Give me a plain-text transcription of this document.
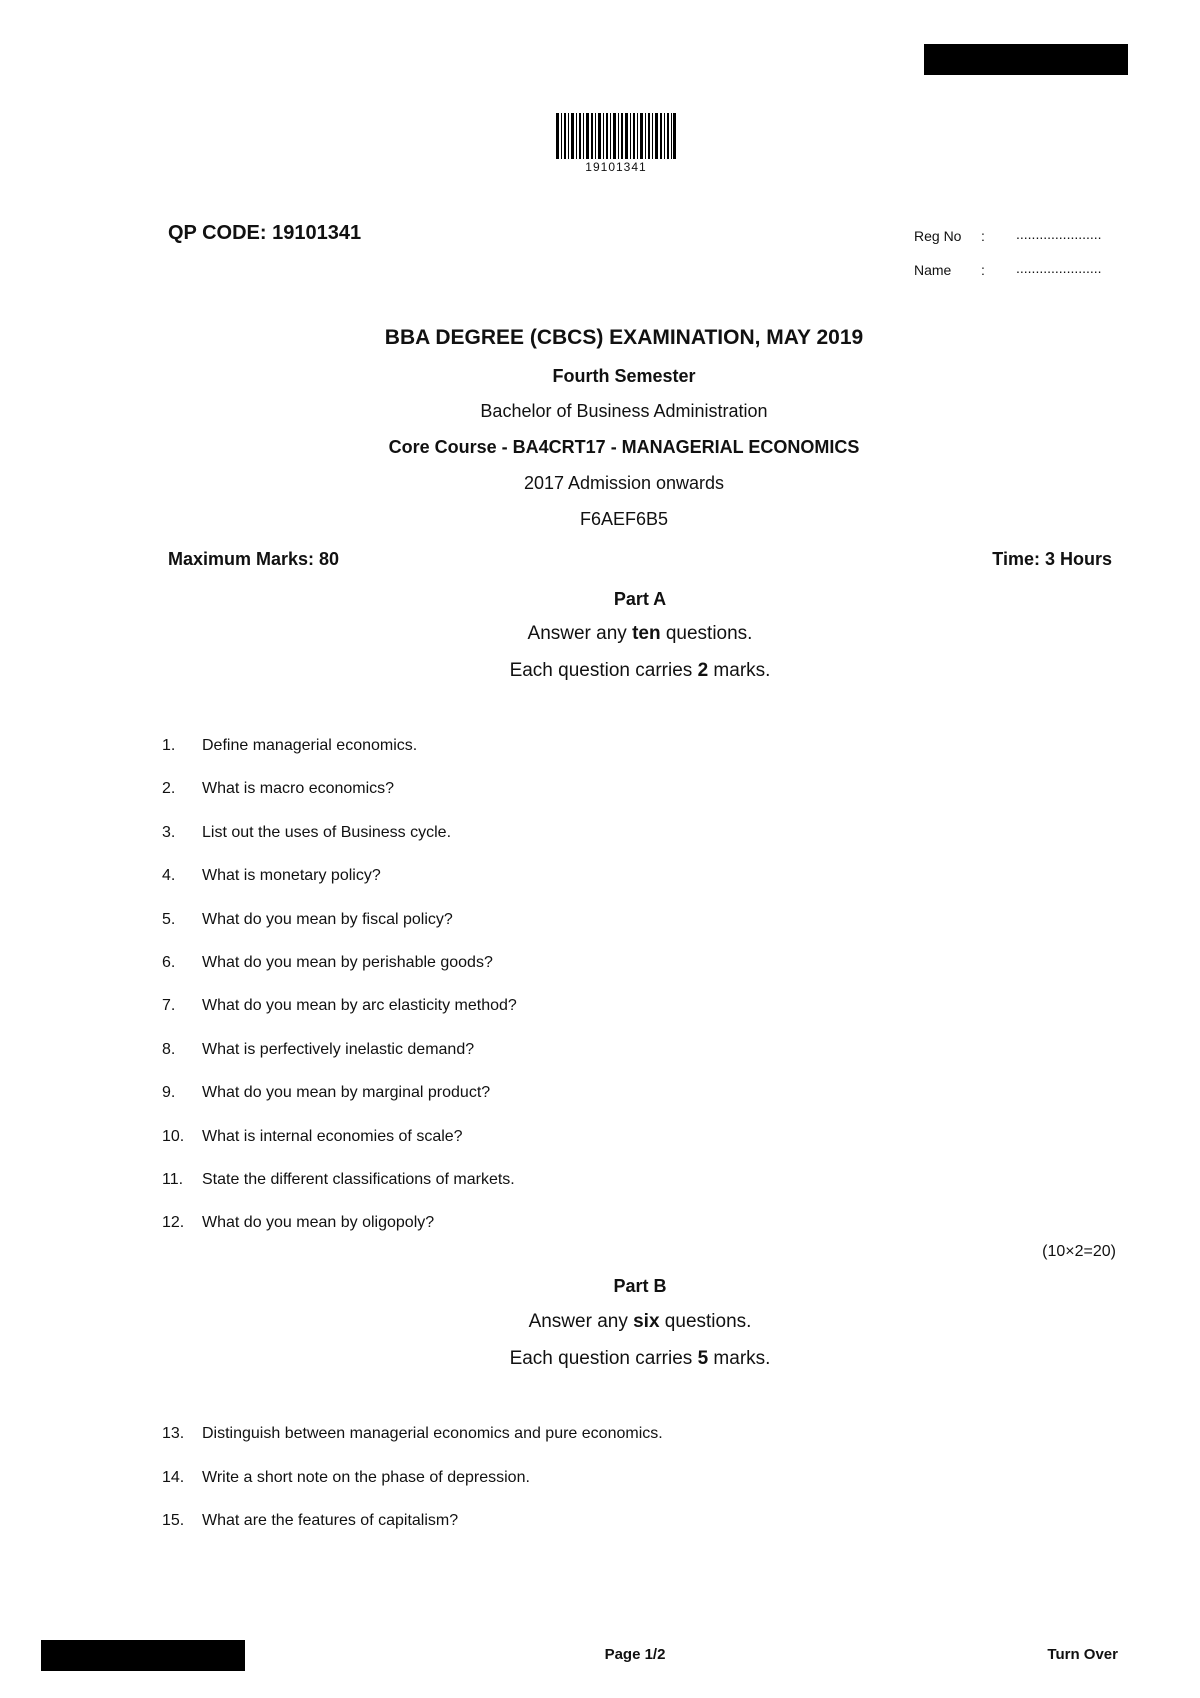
19101341
QP CODE: 19101341	Reg No : ......................
Name : ......................
BBA DEGREE (CBCS) EXAMINATION, MAY 2019
Fourth Semester
Bachelor of Business Administration
Core Course - BA4CRT17 - MANAGERIAL ECONOMICS
2017 Admission onwards
F6AEF6B5
Maximum Marks: 80	Time: 3 Hours
Part A
Answer any ten questions.
Each question carries 2 marks.
1. Define managerial economics.
2. What is macro economics?
3. List out the uses of Business cycle.
4. What is monetary policy?
5. What do you mean by fiscal policy?
6. What do you mean by perishable goods?
7. What do you mean by arc elasticity method?
8. What is perfectively inelastic demand?
9. What do you mean by marginal product?
10. What is internal economies of scale?
11. State the different classifications of markets.
12. What do you mean by oligopoly?
(10×2=20)
Part B
Answer any six questions.
Each question carries 5 marks.
13. Distinguish between managerial economics and pure economics.
14. Write a short note on the phase of depression.
15. What are the features of capitalism?
Page 1/2	Turn Over
